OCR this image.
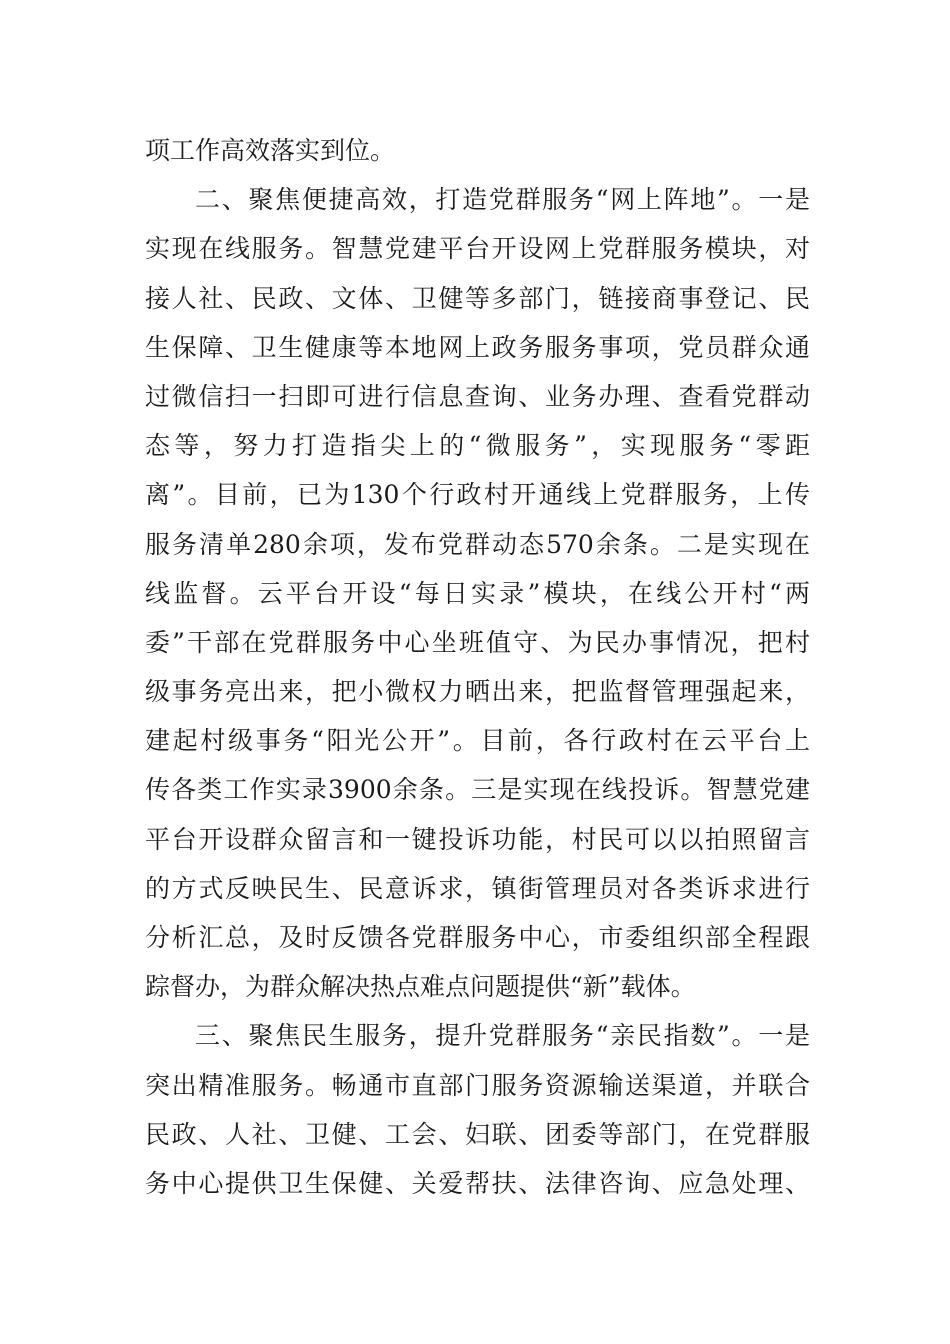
项工作高效落实到位。
二、聚焦便捷高效，打造党群服务“网上阵地”。一是
实现在线服务。智慧党建平台开设网上党群服务模块，对
接人社、民政、文体、卫健等多部门，链接商事登记、民
生保障、卫生健康等本地网上政务服务事项，党员群众通
过微信扫一扫即可进行信息查询、业务办理、查看党群动
态等，努力打造指尖上的“微服务”，实现服务“零距
离”。目前，已为130个行政村开通线上党群服务，上传
服务清单280余项，发布党群动态570余条。二是实现在
线监督。云平台开设“每日实录”模块，在线公开村“两
委”干部在党群服务中心坐班值守、为民办事情况，把村
级事务亮出来，把小微权力晒出来，把监督管理强起来，
建起村级事务“阳光公开”。目前，各行政村在云平台上
传各类工作实录3900余条。三是实现在线投诉。智慧党建
平台开设群众留言和一键投诉功能，村民可以以拍照留言
的方式反映民生、民意诉求，镇街管理员对各类诉求进行
分析汇总，及时反馈各党群服务中心，市委组织部全程跟
踪督办，为群众解决热点难点问题提供“新”载体。
三、聚焦民生服务，提升党群服务“亲民指数”。一是
突出精准服务。畅通市直部门服务资源输送渠道，并联合
民政、人社、卫健、工会、妇联、团委等部门，在党群服
务中心提供卫生保健、关爱帮扶、法律咨询、应急处理、
